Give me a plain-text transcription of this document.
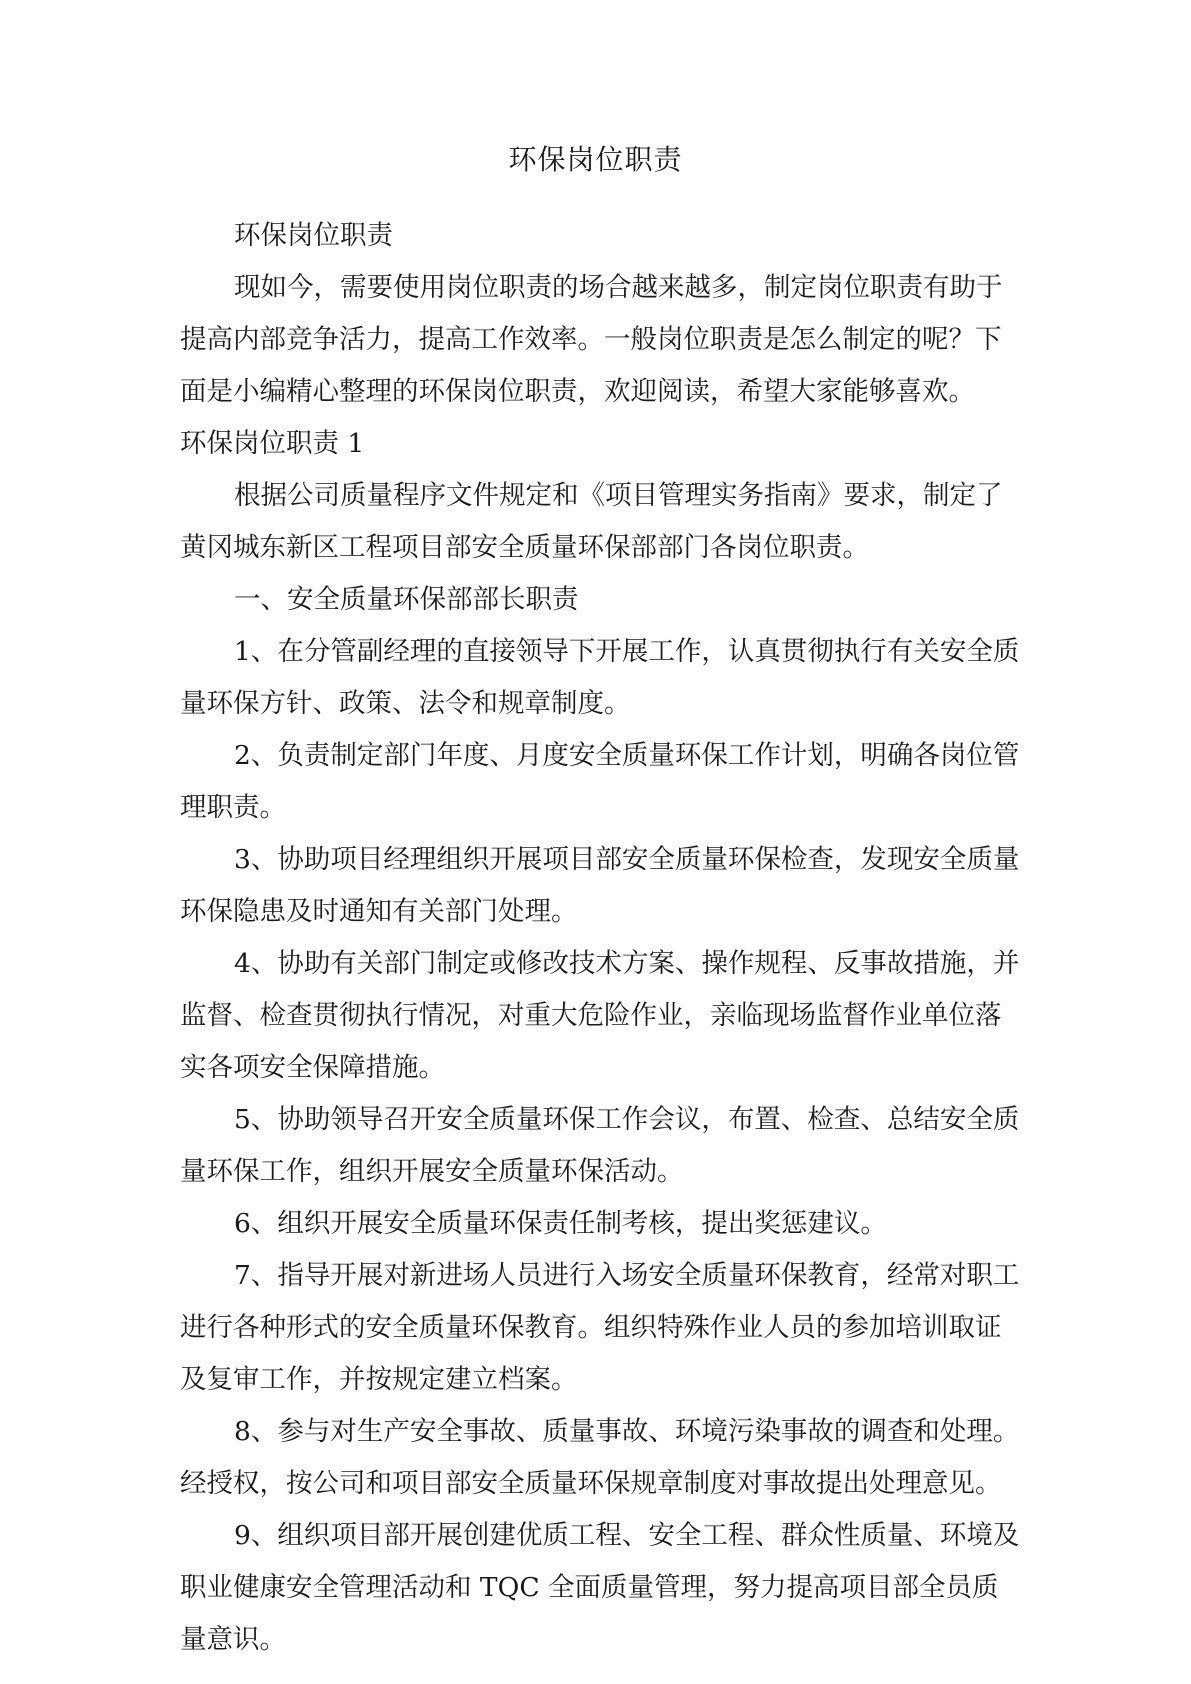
环保岗位职责

环保岗位职责

现如今，需要使用岗位职责的场合越来越多，制定岗位职责有助于提高内部竞争活力，提高工作效率。一般岗位职责是怎么制定的呢？下面是小编精心整理的环保岗位职责，欢迎阅读，希望大家能够喜欢。

环保岗位职责 1

根据公司质量程序文件规定和《项目管理实务指南》要求，制定了黄冈城东新区工程项目部安全质量环保部部门各岗位职责。

一、安全质量环保部部长职责

1、在分管副经理的直接领导下开展工作，认真贯彻执行有关安全质量环保方针、政策、法令和规章制度。

2、负责制定部门年度、月度安全质量环保工作计划，明确各岗位管理职责。

3、协助项目经理组织开展项目部安全质量环保检查，发现安全质量环保隐患及时通知有关部门处理。

4、协助有关部门制定或修改技术方案、操作规程、反事故措施，并监督、检查贯彻执行情况，对重大危险作业，亲临现场监督作业单位落实各项安全保障措施。

5、协助领导召开安全质量环保工作会议，布置、检查、总结安全质量环保工作，组织开展安全质量环保活动。

6、组织开展安全质量环保责任制考核，提出奖惩建议。

7、指导开展对新进场人员进行入场安全质量环保教育，经常对职工进行各种形式的安全质量环保教育。组织特殊作业人员的参加培训取证及复审工作，并按规定建立档案。

8、参与对生产安全事故、质量事故、环境污染事故的调查和处理。经授权，按公司和项目部安全质量环保规章制度对事故提出处理意见。

9、组织项目部开展创建优质工程、安全工程、群众性质量、环境及职业健康安全管理活动和 TQC 全面质量管理，努力提高项目部全员质量意识。
